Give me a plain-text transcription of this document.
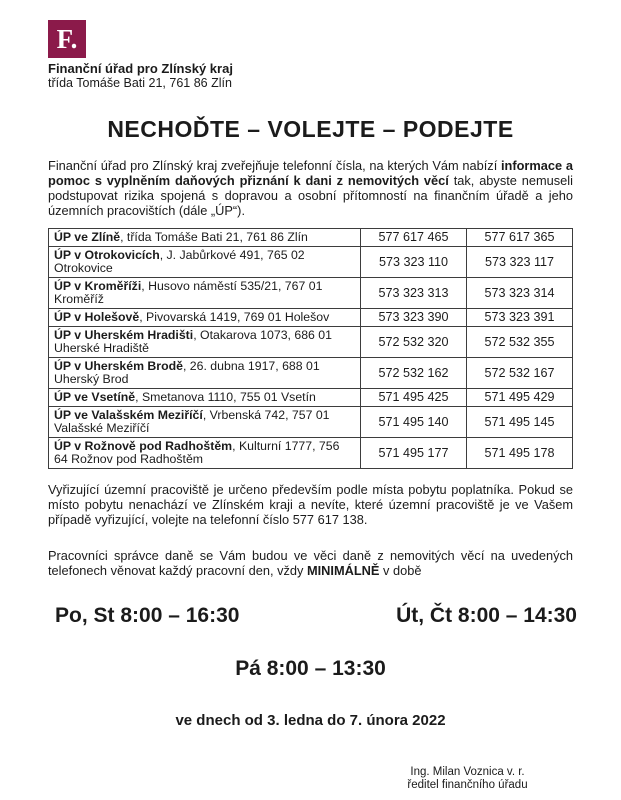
F.
Finanční úřad pro Zlínský kraj
třída Tomáše Bati 21, 761 86 Zlín
NECHOĎTE – VOLEJTE – PODEJTE

Finanční úřad pro Zlínský kraj zveřejňuje telefonní čísla, na kterých Vám nabízí informace a pomoc s vyplněním daňových přiznání k dani z nemovitých věcí tak, abyste nemuseli podstupovat rizika spojená s dopravou a osobní přítomností na finančním úřadě a jeho územních pracovištích (dále „ÚP“).

ÚP ve Zlíně, třída Tomáše Bati 21, 761 86 Zlín	577 617 465	577 617 365
ÚP v Otrokovicích, J. Jabůrkové 491, 765 02 Otrokovice	573 323 110	573 323 117
ÚP v Kroměříži, Husovo náměstí 535/21, 767 01 Kroměříž	573 323 313	573 323 314
ÚP v Holešově, Pivovarská 1419, 769 01 Holešov	573 323 390	573 323 391
ÚP v Uherském Hradišti, Otakarova 1073, 686 01 Uherské Hradiště	572 532 320	572 532 355
ÚP v Uherském Brodě, 26. dubna 1917, 688 01 Uherský Brod	572 532 162	572 532 167
ÚP ve Vsetíně, Smetanova 1110, 755 01 Vsetín	571 495 425	571 495 429
ÚP ve Valašském Meziříčí, Vrbenská 742, 757 01 Valašské Meziříčí	571 495 140	571 495 145
ÚP v Rožnově pod Radhoštěm, Kulturní 1777, 756 64 Rožnov pod Radhoštěm	571 495 177	571 495 178

Vyřizující územní pracoviště je určeno především podle místa pobytu poplatníka. Pokud se místo pobytu nenachází ve Zlínském kraji a nevíte, které územní pracoviště je ve Vašem případě vyřizující, volejte na telefonní číslo 577 617 138.

Pracovníci správce daně se Vám budou ve věci daně z nemovitých věcí na uvedených telefonech věnovat každý pracovní den, vždy MINIMÁLNĚ v době

Po, St 8:00 – 16:30	Út, Čt 8:00 – 14:30
Pá 8:00 – 13:30
ve dnech od 3. ledna do 7. února 2022
Ing. Milan Voznica v. r.
ředitel finančního úřadu
